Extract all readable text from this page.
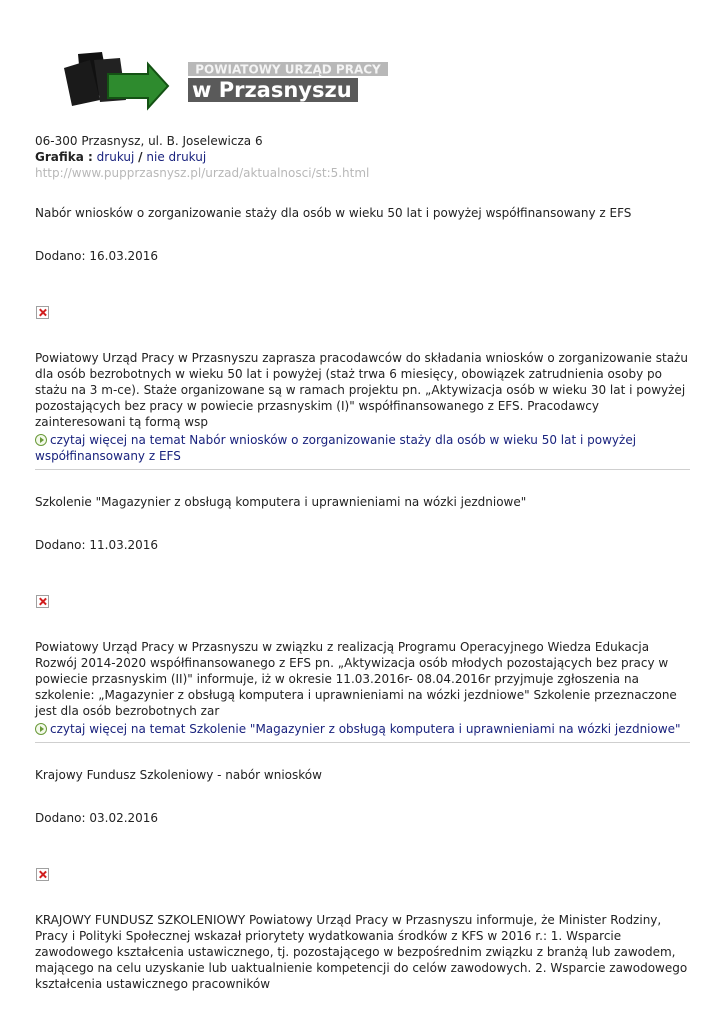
POWIATOWY URZĄD PRACY
w Przasnyszu
06-300 Przasnysz, ul. B. Joselewicza 6
Grafika : drukuj / nie drukuj
http://www.pupprzasnysz.pl/urzad/aktualnosci/st:5.html
Nabór wniosków o zorganizowanie staży dla osób w wieku 50 lat i powyżej współfinansowany z EFS
Dodano: 16.03.2016
Powiatowy Urząd Pracy w Przasnyszu zaprasza pracodawców do składania wniosków o zorganizowanie stażu dla osób bezrobotnych w wieku 50 lat i powyżej (staż trwa 6 miesięcy, obowiązek zatrudnienia osoby po stażu na 3 m-ce). Staże organizowane są w ramach projektu pn. „Aktywizacja osób w wieku 30 lat i powyżej pozostających bez pracy w powiecie przasnyskim (I)" współfinansowanego z EFS. Pracodawcy zainteresowani tą formą wsp
czytaj więcej na temat Nabór wniosków o zorganizowanie staży dla osób w wieku 50 lat i powyżej współfinansowany z EFS
Szkolenie "Magazynier z obsługą komputera i uprawnieniami na wózki jezdniowe"
Dodano: 11.03.2016
Powiatowy Urząd Pracy w Przasnyszu w związku z realizacją Programu Operacyjnego Wiedza Edukacja Rozwój 2014-2020 współfinansowanego z EFS pn. „Aktywizacja osób młodych pozostających bez pracy w powiecie przasnyskim (II)" informuje, iż w okresie 11.03.2016r- 08.04.2016r przyjmuje zgłoszenia na szkolenie: „Magazynier z obsługą komputera i uprawnieniami na wózki jezdniowe" Szkolenie przeznaczone jest dla osób bezrobotnych zar
czytaj więcej na temat Szkolenie "Magazynier z obsługą komputera i uprawnieniami na wózki jezdniowe"
Krajowy Fundusz Szkoleniowy - nabór wniosków
Dodano: 03.02.2016
KRAJOWY FUNDUSZ SZKOLENIOWY Powiatowy Urząd Pracy w Przasnyszu informuje, że Minister Rodziny, Pracy i Polityki Społecznej wskazał priorytety wydatkowania środków z KFS w 2016 r.: 1. Wsparcie zawodowego kształcenia ustawicznego, tj. pozostającego w bezpośrednim związku z branżą lub zawodem, mającego na celu uzyskanie lub uaktualnienie kompetencji do celów zawodowych. 2. Wsparcie zawodowego kształcenia ustawicznego pracowników
